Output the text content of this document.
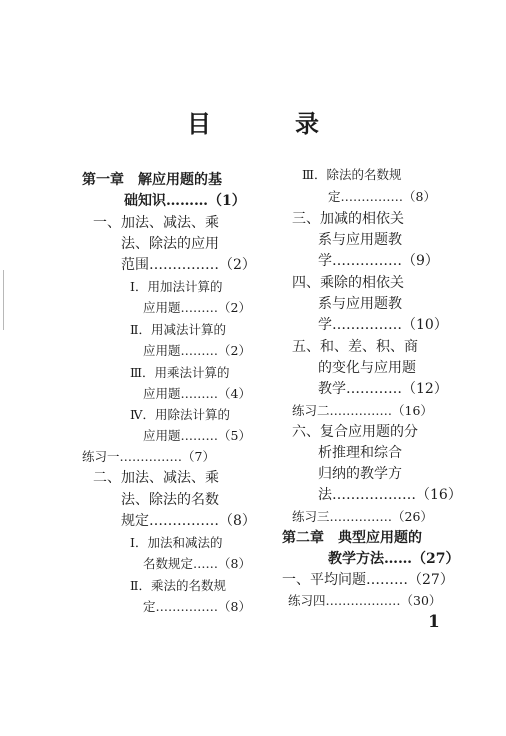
目　录
第一章　解应用题的基
础知识………（1）
一、加法、减法、乘
法、除法的应用
范围……………（2）
Ⅰ．用加法计算的
应用题………（2）
Ⅱ．用减法计算的
应用题………（2）
Ⅲ．用乘法计算的
应用题………（4）
Ⅳ．用除法计算的
应用题………（5）
练习一……………（7）
二、加法、减法、乘
法、除法的名数
规定……………（8）
Ⅰ．加法和减法的
名数规定……（8）
Ⅱ．乘法的名数规
定……………（8）
Ⅲ．除法的名数规
定……………（8）
三、加减的相依关
系与应用题教
学……………（9）
四、乘除的相依关
系与应用题教
学……………（10）
五、和、差、积、商
的变化与应用题
教学…………（12）
练习二……………（16）
六、复合应用题的分
析推理和综合
归纳的教学方
法………………（16）
练习三……………（26）
第二章　典型应用题的
教学方法……（27）
一、平均问题………（27）
练习四………………（30）
1
